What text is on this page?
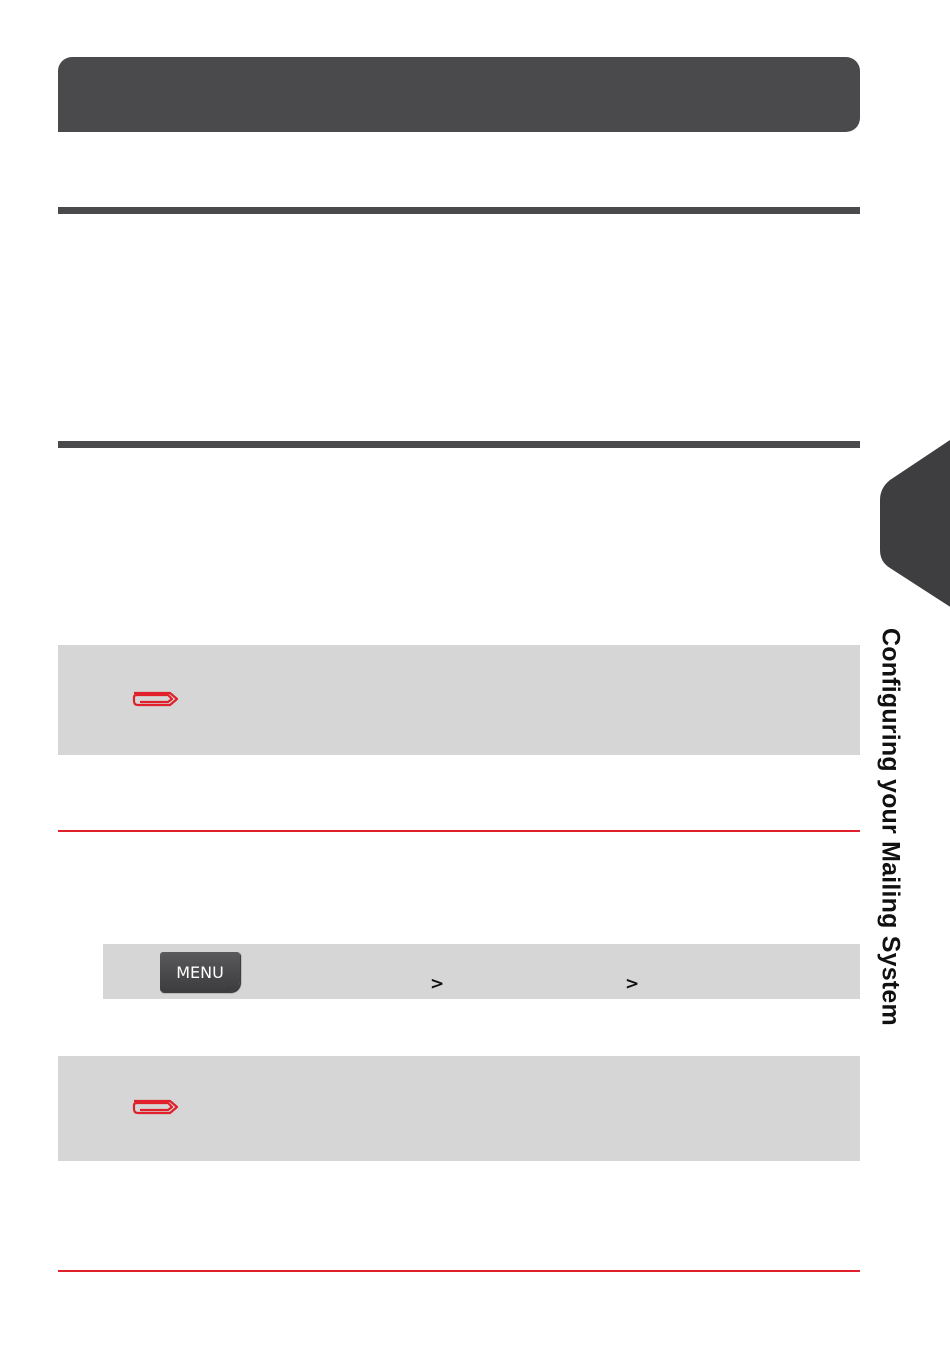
MENU
>	>	Configuring your Mailing System
